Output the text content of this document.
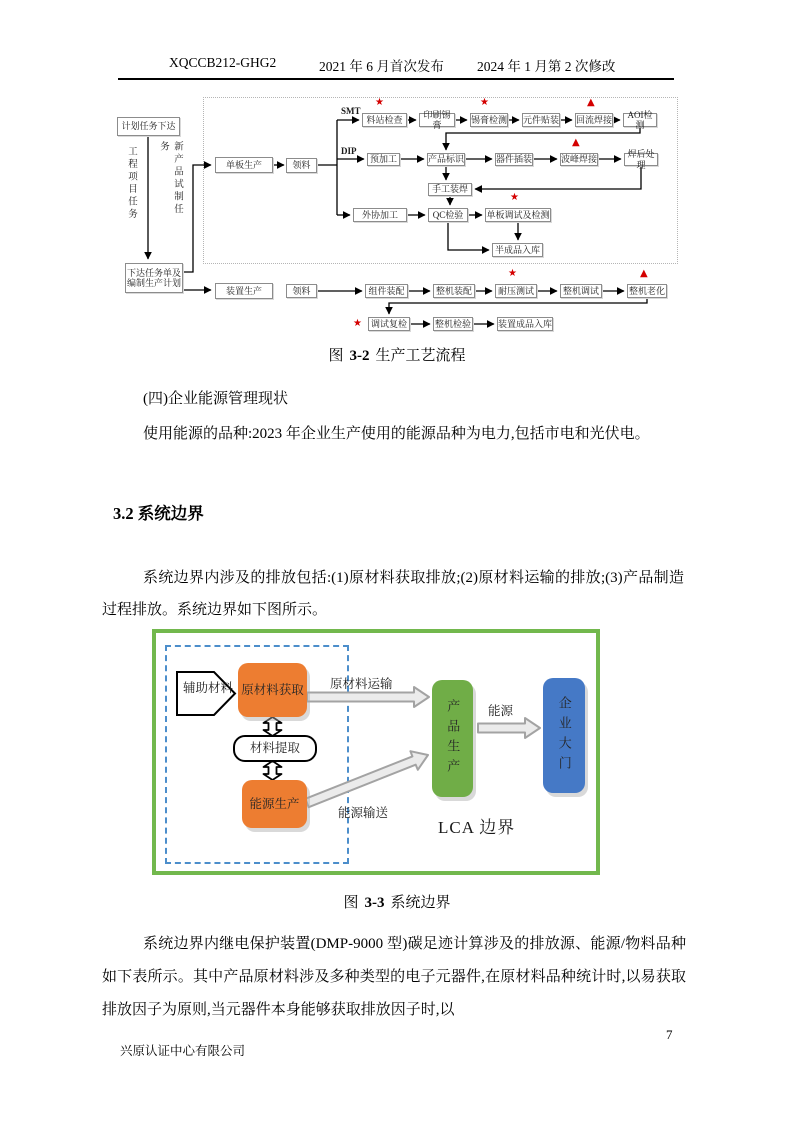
XQCCB212-GHG2	2021 年 6 月首次发布 2024 年 1 月第 2 次修改
计划任务下达
工程项目任务	新产品试制任务
下达任务单及编制生产计划
单板生产	领料
SMT
DIP
料站检查
印刷锡膏
锡膏检测 元件贴装 回流焊接
AOI检测
预加工	产品标识	器件插装	波峰焊接
焊后处理
手工装焊
外协加工	QC检验	单板调试及检测
半成品入库
装置生产	领料	组件装配	整机装配	耐压测试	整机调试	整机老化
调试复检	整机检验	装置成品入库
★	★	▲
▲
★
★	▲
★
图 3-2 生产工艺流程
(四)企业能源管理现状
使用能源的品种:2023 年企业生产使用的能源品种为电力,包括市电和光伏电。
3.2 系统边界
系统边界内涉及的排放包括:(1)原材料获取排放;(2)原材料运输的排放;(3)产品制造过程排放。系统边界如下图所示。
辅助材料 原材料获取
材料提取
能源生产
产品生产	企业大门
原材料运输
能源输送
能源
LCA 边界
图 3-3 系统边界
系统边界内继电保护装置(DMP-9000 型)碳足迹计算涉及的排放源、能源/物料品种如下表所示。其中产品原材料涉及多种类型的电子元器件,在原材料品种统计时,以易获取排放因子为原则,当元器件本身能够获取排放因子时,以
兴原认证中心有限公司
7
